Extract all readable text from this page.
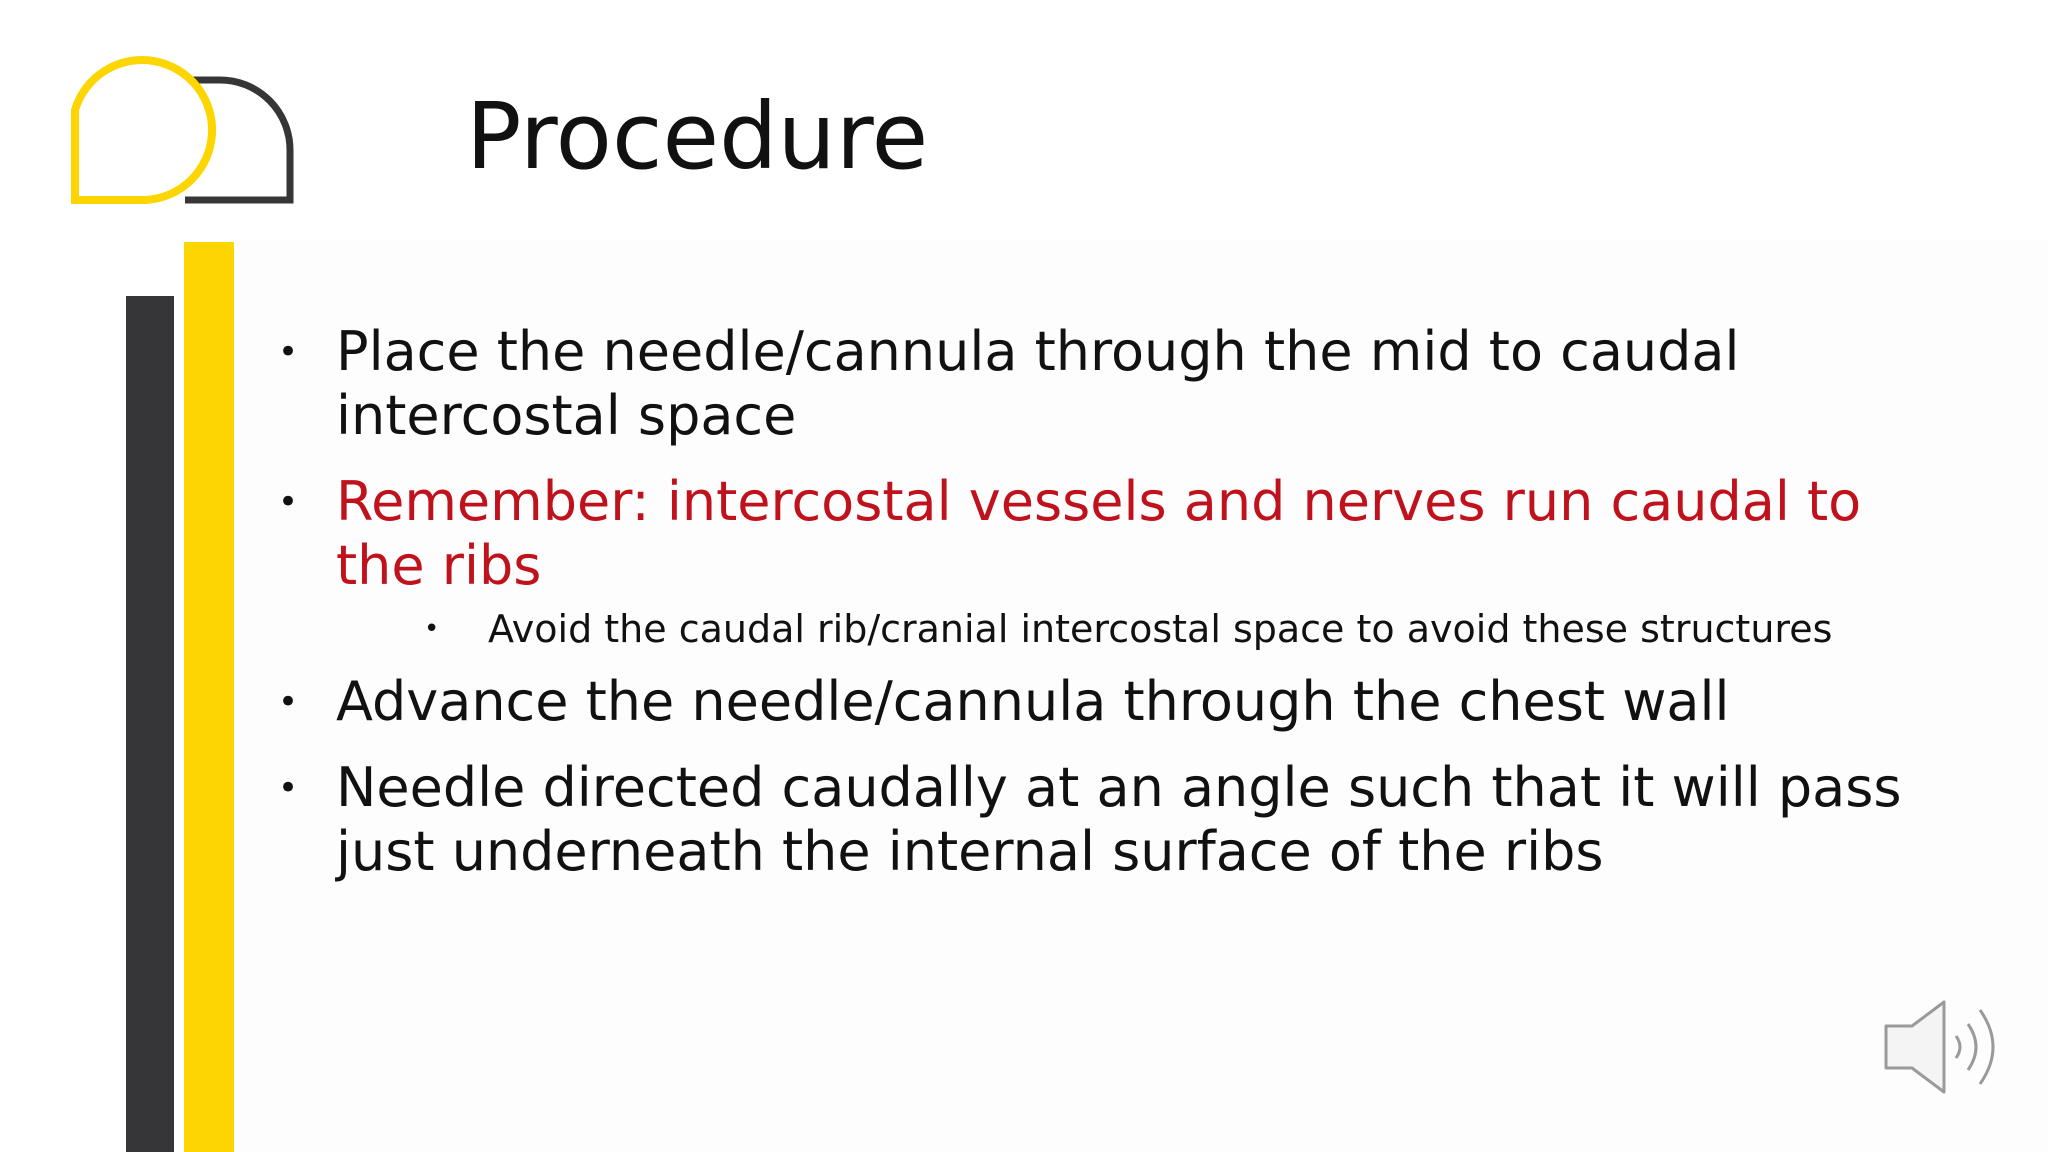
Procedure
• Place the needle/cannula through the mid to caudal intercostal space
• Remember: intercostal vessels and nerves run caudal to the ribs
• Avoid the caudal rib/cranial intercostal space to avoid these structures
• Advance the needle/cannula through the chest wall
• Needle directed caudally at an angle such that it will pass just underneath the internal surface of the ribs
